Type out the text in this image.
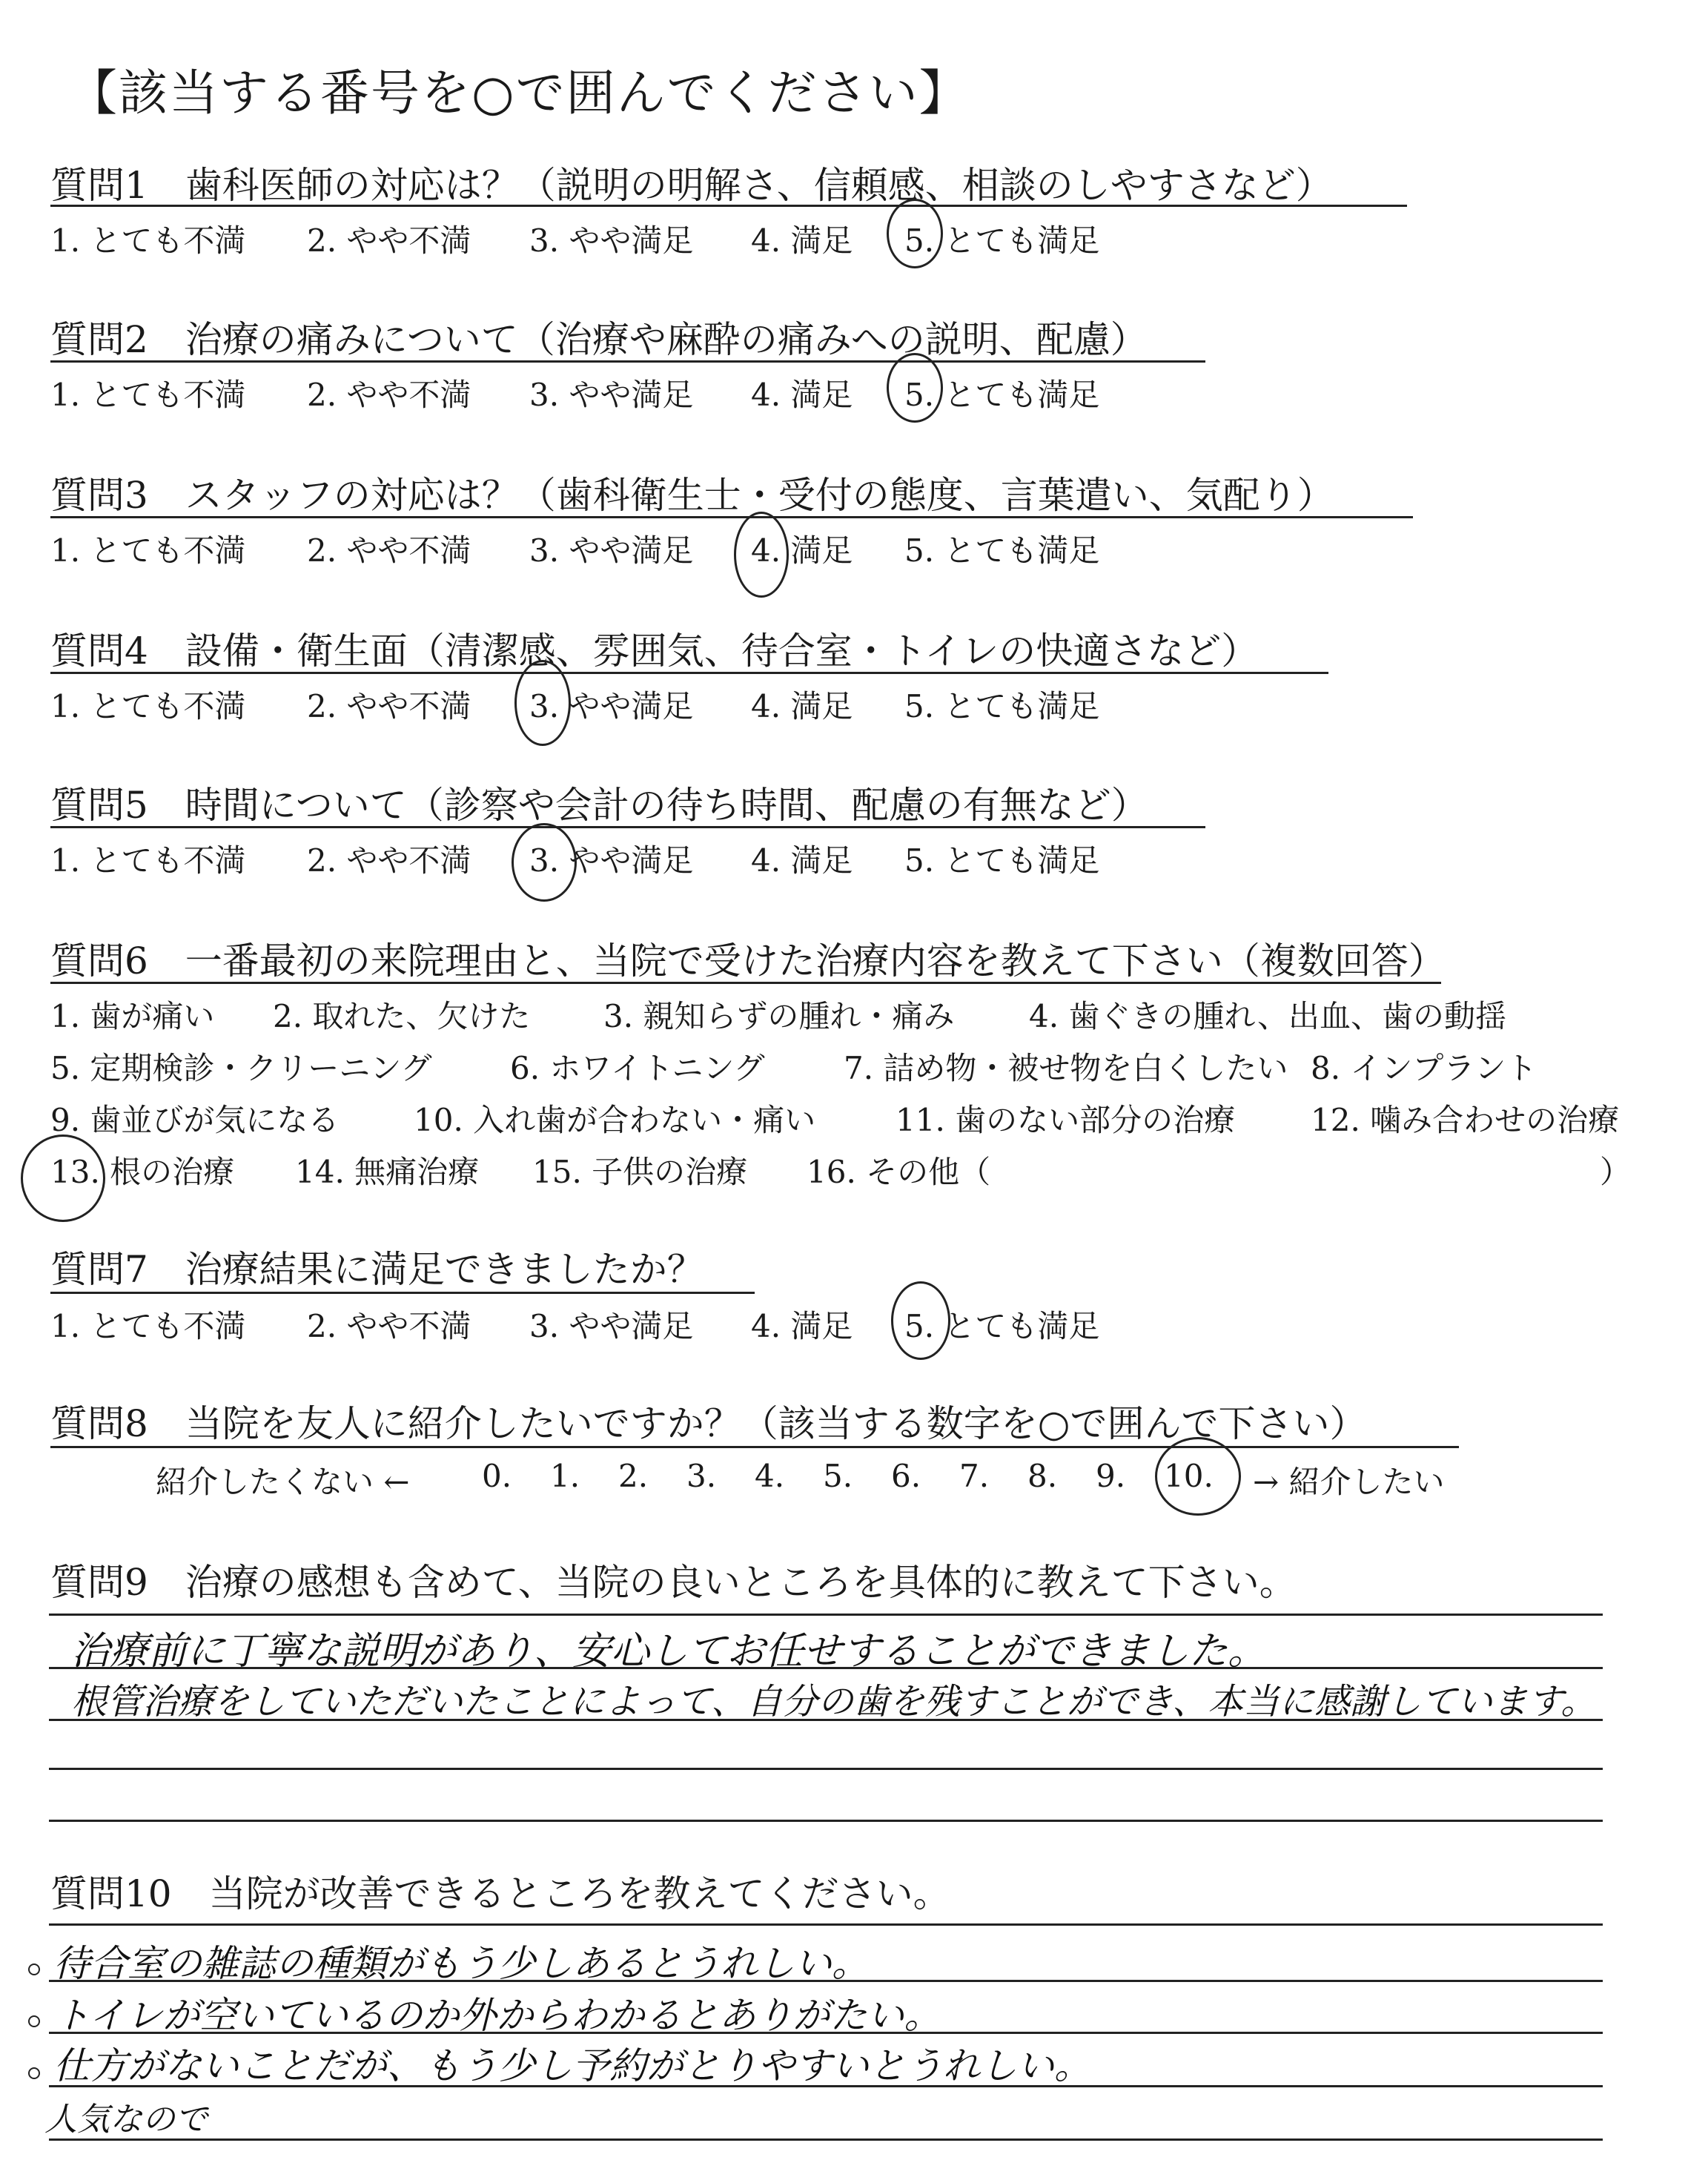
【該当する番号を○で囲んでください】
質問1　歯科医師の対応は？（説明の明解さ、信頼感、相談のしやすさなど）
1. とても不満 2. やや不満 3. やや満足 4. 満足 5. とても満足
質問2　治療の痛みについて（治療や麻酔の痛みへの説明、配慮）
1. とても不満 2. やや不満 3. やや満足 4. 満足 5. とても満足
質問3　スタッフの対応は？（歯科衛生士・受付の態度、言葉遣い、気配り）
1. とても不満 2. やや不満 3. やや満足 4. 満足 5. とても満足
質問4　設備・衛生面（清潔感、雰囲気、待合室・トイレの快適さなど）
1. とても不満 2. やや不満 3. やや満足 4. 満足 5. とても満足
質問5　時間について（診察や会計の待ち時間、配慮の有無など）
1. とても不満 2. やや不満 3. やや満足 4. 満足 5. とても満足
質問6　一番最初の来院理由と、当院で受けた治療内容を教えて下さい（複数回答）
1. 歯が痛い 2. 取れた、欠けた 3. 親知らずの腫れ・痛み 4. 歯ぐきの腫れ、出血、歯の動揺
5. 定期検診・クリーニング	6. ホワイトニング	7. 詰め物・被せ物を白くしたい 8. インプラント
9. 歯並びが気になる 10. 入れ歯が合わない・痛い	11. 歯のない部分の治療 12. 噛み合わせの治療
13. 根の治療 14. 無痛治療 15. 子供の治療 16. その他（	）
質問7　治療結果に満足できましたか？
1. とても不満 2. やや不満 3. やや満足 4. 満足 5. とても満足
質問8　当院を友人に紹介したいですか？（該当する数字を○で囲んで下さい）
紹介したくない ← 0. 1. 2. 3. 4. 5. 6. 7. 8. 9. 10. → 紹介したい
質問9　治療の感想も含めて、当院の良いところを具体的に教えて下さい。
治療前に丁寧な説明があり、安心してお任せすることができました。
根管治療をしていただいたことによって、自分の歯を残すことができ、本当に感謝しています。
質問10　当院が改善できるところを教えてください。
待合室の雑誌の種類がもう少しあるとうれしい。
トイレが空いているのか外からわかるとありがたい。
仕方がないことだが、もう少し予約がとりやすいとうれしい。
人気なので
